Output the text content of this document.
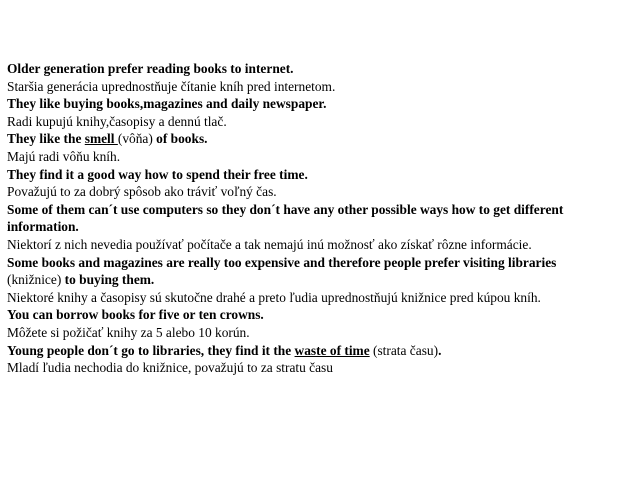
Older generation prefer reading books to internet.

Staršia generácia uprednostňuje čítanie kníh pred internetom.

They like buying books,magazines and daily newspaper.

Radi kupujú knihy,časopisy a dennú tlač.

They like the smell (vôňa) of books.

Majú radi vôňu kníh.

They find it a good way how to spend their free time.

Považujú to za dobrý spôsob ako tráviť voľný čas.

Some of them can´t use computers so they don´t have any other possible ways how to get different information.

Niektorí z nich nevedia používať počítače a tak nemajú inú možnosť ako získať rôzne informácie.

Some books and magazines are really too expensive and therefore people prefer visiting libraries (knižnice) to buying them.

Niektoré knihy a časopisy sú skutočne drahé a preto ľudia uprednostňujú knižnice pred kúpou kníh.

You can borrow books for five or ten crowns.

Môžete si požičať knihy za 5 alebo 10 korún.

Young people don´t go to libraries, they find it the waste of time (strata času).

Mladí ľudia nechodia do knižnice, považujú to za stratu času
